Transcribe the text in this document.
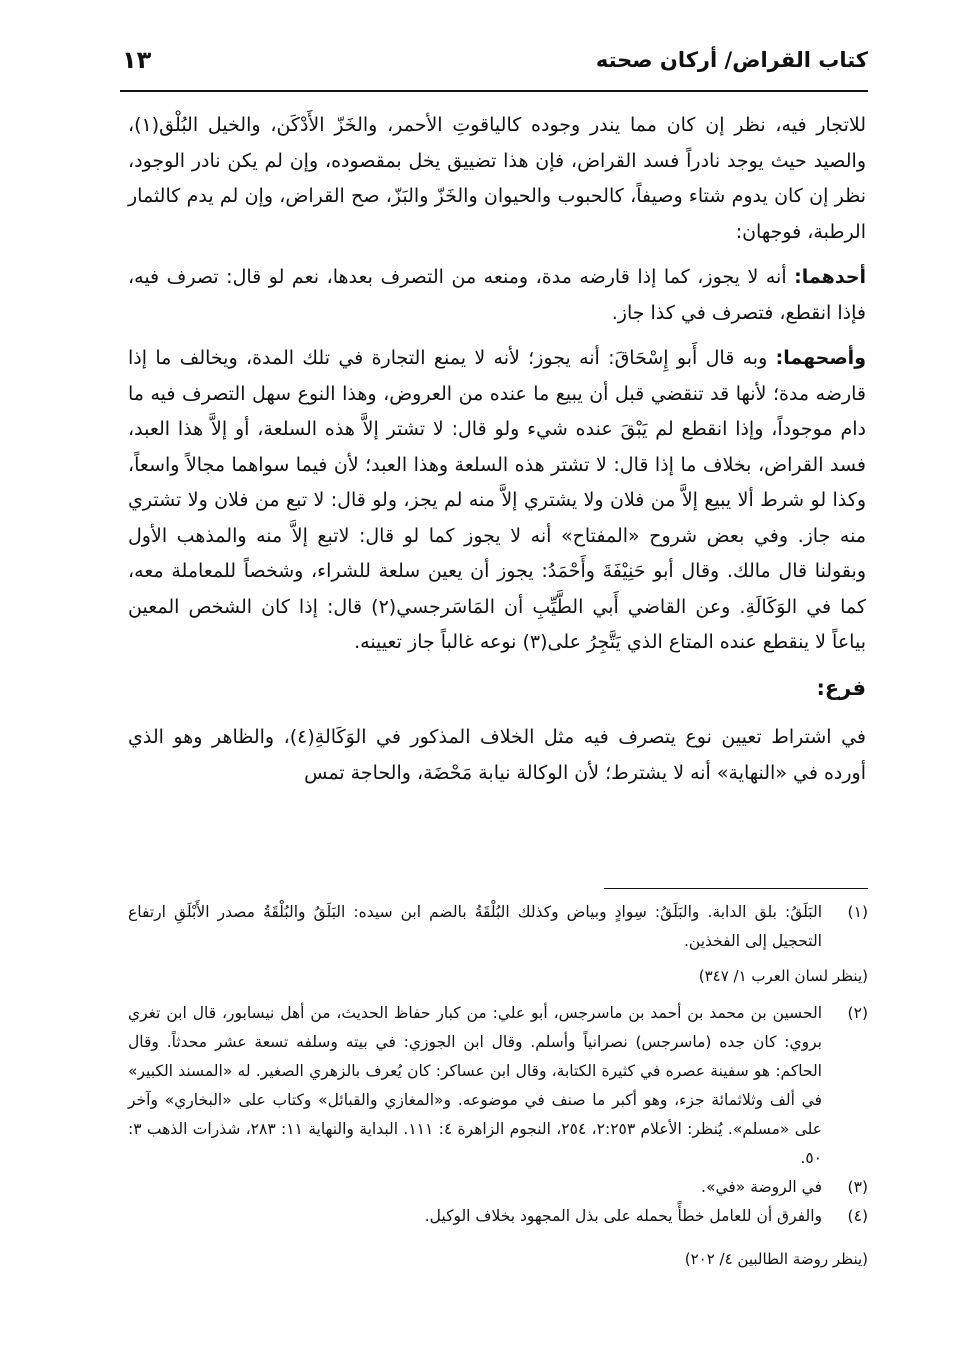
كتاب القراض/ أركان صحته
١٣

للاتجار فيه، نظر إن كان مما يندر وجوده كالياقوتِ الأحمر، والخَزّ الأَدْكَن، والخيل البُلْق(١)، والصيد حيث يوجد نادراً فسد القراض، فإن هذا تضييق يخل بمقصوده، وإن لم يكن نادر الوجود، نظر إن كان يدوم شتاء وصيفاً، كالحبوب والحيوان والخَزّ والبَزّ، صح القراض، وإن لم يدم كالثمار الرطبة، فوجهان:

أحدهما: أنه لا يجوز، كما إذا قارضه مدة، ومنعه من التصرف بعدها، نعم لو قال: تصرف فيه، فإذا انقطع، فتصرف في كذا جاز.

وأصحهما: وبه قال أَبو إِسْحَاقَ: أنه يجوز؛ لأنه لا يمنع التجارة في تلك المدة، ويخالف ما إذا قارضه مدة؛ لأنها قد تنقضي قبل أن يبيع ما عنده من العروض، وهذا النوع سهل التصرف فيه ما دام موجوداً، وإذا انقطع لم يَبْقَ عنده شيء ولو قال: لا تشتر إلاَّ هذه السلعة، أو إلاَّ هذا العبد، فسد القراض، بخلاف ما إذا قال: لا تشتر هذه السلعة وهذا العبد؛ لأن فيما سواهما مجالاً واسعاً، وكذا لو شرط ألا يبيع إلاَّ من فلان ولا يشتري إلاَّ منه لم يجز، ولو قال: لا تبع من فلان ولا تشتري منه جاز. وفي بعض شروح «المفتاح» أنه لا يجوز كما لو قال: لاتبع إلاَّ منه والمذهب الأول وبقولنا قال مالك. وقال أبو حَنِيْفَةَ وأَحْمَدُ: يجوز أن يعين سلعة للشراء، وشخصاً للمعاملة معه، كما في الوَكَالَةِ. وعن القاضي أَبي الطَّيِّبِ أن المَاسَرجسي(٢) قال: إذا كان الشخص المعين بياعاً لا ينقطع عنده المتاع الذي يَتَّجِرُ على(٣) نوعه غالباً جاز تعيينه.

فرع:

في اشتراط تعيين نوع يتصرف فيه مثل الخلاف المذكور في الوَكَالةِ(٤)، والظاهر وهو الذي أورده في «النهاية» أنه لا يشترط؛ لأن الوكالة نيابة مَحْضَة، والحاجة تمس

(١)
البَلَقُ: بلق الدابة. والبَلَقُ: سِوادٍ وبياض وكذلك البُلْقَةُ بالضم ابن سيده: البَلَقُ والبُلْقَةُ مصدر الأَبْلَقِ ارتفاع التحجيل إلى الفخذين.
(ينظر لسان العرب ١/ ٣٤٧)
(٢)
الحسين بن محمد بن أحمد بن ماسرجس، أبو علي: من كبار حفاظ الحديث، من أهل نيسابور، قال ابن تغري بروي: كان جده (ماسرجس) نصرانياً وأسلم. وقال ابن الجوزي: في بيته وسلفه تسعة عشر محدثاً. وقال الحاكم: هو سفينة عصره في كثيرة الكتابة، وقال ابن عساكر: كان يُعرف بالزهري الصغير. له «المسند الكبير» في ألف وثلاثمائة جزء، وهو أكبر ما صنف في موضوعه. و«المغازي والقبائل» وكتاب على «البخاري» وآخر على «مسلم». يُنظر: الأعلام ٢:٢٥٣، ٢٥٤، النجوم الزاهرة ٤: ١١١. البداية والنهاية ١١: ٢٨٣، شذرات الذهب ٣: ٥٠.
(٣)
في الروضة «في».
(٤)
والفرق أن للعامل خطأً يحمله على بذل المجهود بخلاف الوكيل.
(ينظر روضة الطالبين ٤/ ٢٠٢)
